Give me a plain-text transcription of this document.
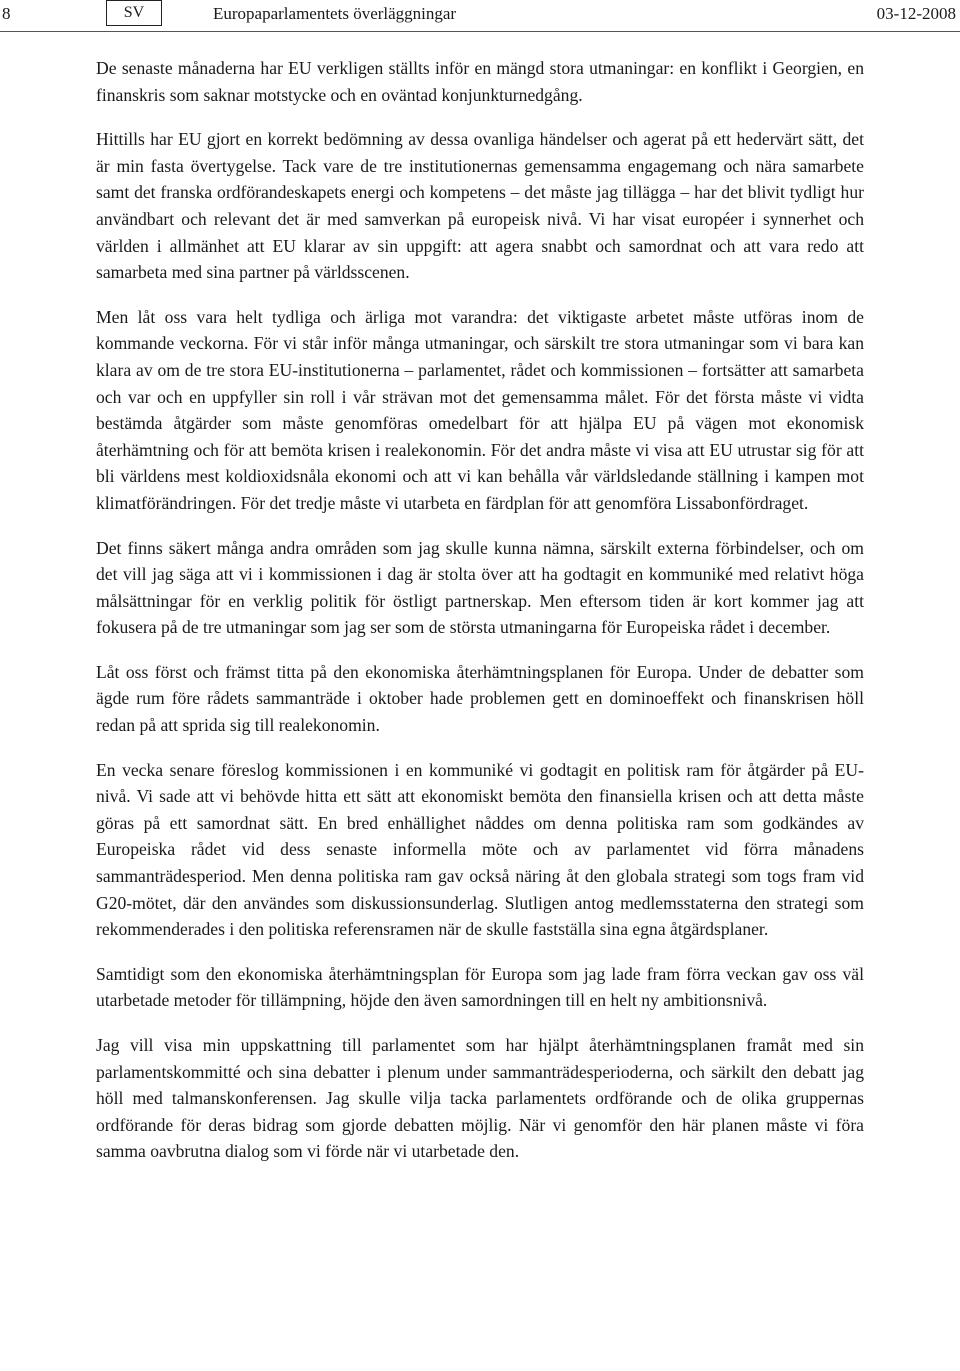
8	SV	Europaparlamentets överläggningar	03-12-2008

De senaste månaderna har EU verkligen ställts inför en mängd stora utmaningar: en konflikt i Georgien, en finanskris som saknar motstycke och en oväntad konjunkturnedgång.

Hittills har EU gjort en korrekt bedömning av dessa ovanliga händelser och agerat på ett hedervärt sätt, det är min fasta övertygelse. Tack vare de tre institutionernas gemensamma engagemang och nära samarbete samt det franska ordförandeskapets energi och kompetens – det måste jag tillägga – har det blivit tydligt hur användbart och relevant det är med samverkan på europeisk nivå. Vi har visat européer i synnerhet och världen i allmänhet att EU klarar av sin uppgift: att agera snabbt och samordnat och att vara redo att samarbeta med sina partner på världsscenen.

Men låt oss vara helt tydliga och ärliga mot varandra: det viktigaste arbetet måste utföras inom de kommande veckorna. För vi står inför många utmaningar, och särskilt tre stora utmaningar som vi bara kan klara av om de tre stora EU-institutionerna – parlamentet, rådet och kommissionen – fortsätter att samarbeta och var och en uppfyller sin roll i vår strävan mot det gemensamma målet. För det första måste vi vidta bestämda åtgärder som måste genomföras omedelbart för att hjälpa EU på vägen mot ekonomisk återhämtning och för att bemöta krisen i realekonomin. För det andra måste vi visa att EU utrustar sig för att bli världens mest koldioxidsnåla ekonomi och att vi kan behålla vår världsledande ställning i kampen mot klimatförändringen. För det tredje måste vi utarbeta en färdplan för att genomföra Lissabonfördraget.

Det finns säkert många andra områden som jag skulle kunna nämna, särskilt externa förbindelser, och om det vill jag säga att vi i kommissionen i dag är stolta över att ha godtagit en kommuniké med relativt höga målsättningar för en verklig politik för östligt partnerskap. Men eftersom tiden är kort kommer jag att fokusera på de tre utmaningar som jag ser som de största utmaningarna för Europeiska rådet i december.

Låt oss först och främst titta på den ekonomiska återhämtningsplanen för Europa. Under de debatter som ägde rum före rådets sammanträde i oktober hade problemen gett en dominoeffekt och finanskrisen höll redan på att sprida sig till realekonomin.

En vecka senare föreslog kommissionen i en kommuniké vi godtagit en politisk ram för åtgärder på EU-nivå. Vi sade att vi behövde hitta ett sätt att ekonomiskt bemöta den finansiella krisen och att detta måste göras på ett samordnat sätt. En bred enhällighet nåddes om denna politiska ram som godkändes av Europeiska rådet vid dess senaste informella möte och av parlamentet vid förra månadens sammanträdesperiod. Men denna politiska ram gav också näring åt den globala strategi som togs fram vid G20-mötet, där den användes som diskussionsunderlag. Slutligen antog medlemsstaterna den strategi som rekommenderades i den politiska referensramen när de skulle fastställa sina egna åtgärdsplaner.

Samtidigt som den ekonomiska återhämtningsplan för Europa som jag lade fram förra veckan gav oss väl utarbetade metoder för tillämpning, höjde den även samordningen till en helt ny ambitionsnivå.

Jag vill visa min uppskattning till parlamentet som har hjälpt återhämtningsplanen framåt med sin parlamentskommitté och sina debatter i plenum under sammanträdesperioderna, och särkilt den debatt jag höll med talmanskonferensen. Jag skulle vilja tacka parlamentets ordförande och de olika gruppernas ordförande för deras bidrag som gjorde debatten möjlig. När vi genomför den här planen måste vi föra samma oavbrutna dialog som vi förde när vi utarbetade den.
